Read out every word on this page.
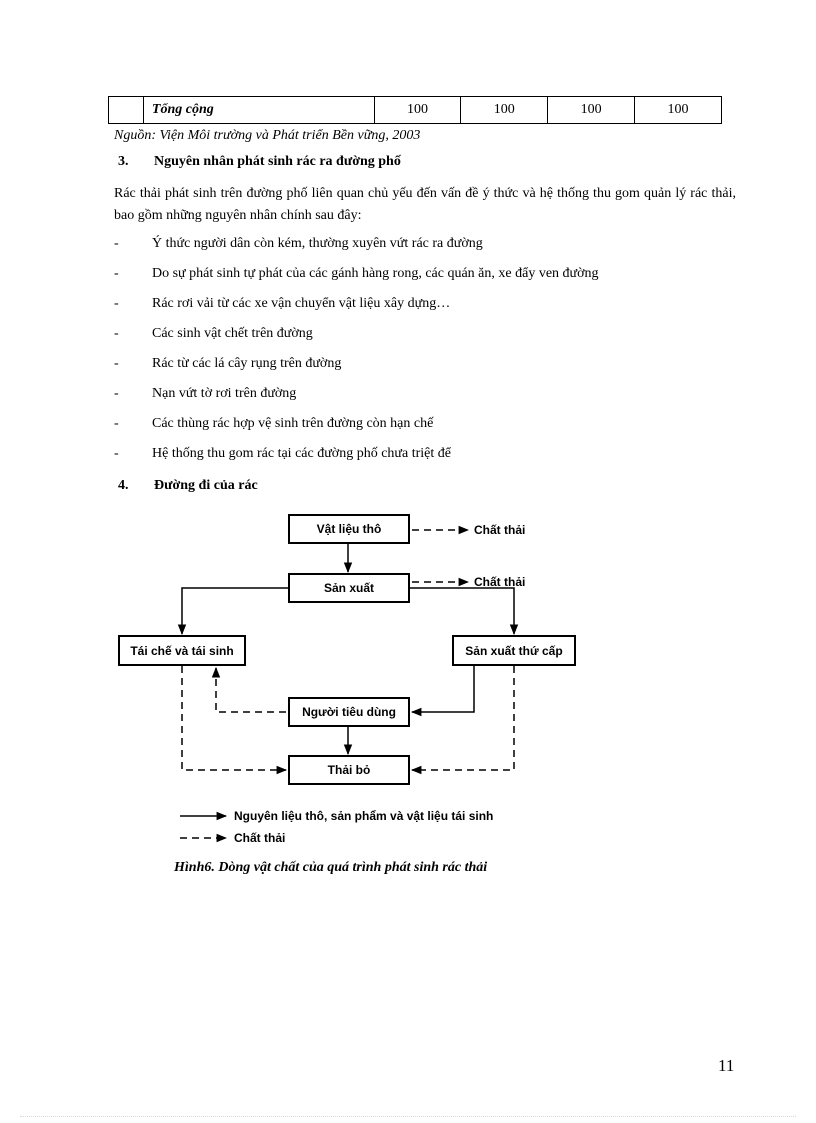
	Tổng cộng	100	100	100	100
Nguồn: Viện Môi trường và Phát triển Bền vững, 2003
3. Nguyên nhân phát sinh rác ra đường phố
Rác thải phát sinh trên đường phố liên quan chủ yếu đến vấn đề ý thức và hệ thống thu gom quản lý rác thải, bao gồm những nguyên nhân chính sau đây:
- Ý thức người dân còn kém, thường xuyên vứt rác ra đường
- Do sự phát sinh tự phát của các gánh hàng rong, các quán ăn, xe đẩy ven đường
- Rác rơi vải từ các xe vận chuyển vật liệu xây dựng…
- Các sinh vật chết trên đường
- Rác từ các lá cây rụng trên đường
- Nạn vứt tờ rơi trên đường
- Các thùng rác hợp vệ sinh trên đường còn hạn chế
- Hệ thống thu gom rác tại các đường phố chưa triệt để
4. Đường đi của rác
Vật liệu thô
Sản xuất
Tái chế và tái sinh	Sản xuất thứ cấp
Người tiêu dùng
Thải bỏ
Chất thải
Chất thải
Nguyên liệu thô, sản phẩm và vật liệu tái sinh
Chất thải
Hình6. Dòng vật chất của quá trình phát sinh rác thải
11
